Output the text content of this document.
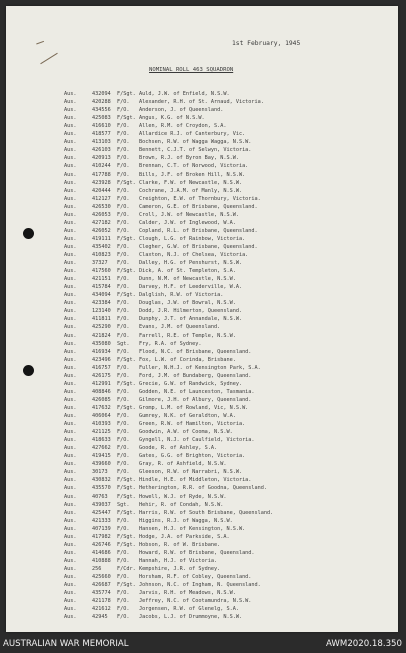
1st February, 1945
NOMINAL ROLL 463 SQUADRON
Aus.	432094 F/Sgt. Auld, J.W. of Enfield, N.S.W.
Aus.	420288 F/O. Alexander, R.H. of St. Arnaud, Victoria.
Aus.	434556 F/O. Anderson, J. of Queensland.
Aus.	425083 F/Sgt. Angus, K.G. of N.S.W.
Aus.	416610 F/O. Allen, R.M. of Croydon, S.A.
Aus.	418577 F/O. Allardice R.J. of Canterbury, Vic.
Aus.	413103 F/O. Bochsen, R.W. of Wagga Wagga, N.S.W.
Aus.	426103 F/O. Bennett, C.J.T. of Selwyn, Victoria.
Aus.	420913 F/O. Brown, R.J. of Byron Bay, N.S.W.
Aus.	410244 F/O. Brennan, C.T. of Norwood, Victoria.
Aus.	417788 F/O. Bills, J.F. of Broken Hill, N.S.W.
Aus.	423928 F/Sgt. Clarke, F.W. of Newcastle, N.S.W.
Aus.	420444 F/O. Cochrane, J.A.M. of Manly, N.S.W.
Aus.	412127 F/O. Creighton, E.W. of Thornbury, Victoria.
Aus.	426530 F/O. Cameron, G.E. of Brisbane, Queensland.
Aus.	426053 F/O. Croll, J.W. of Newcastle, N.S.W.
Aus.	427182 F/O. Calder, J.W. of Inglewood, W.A.
Aus.	426052 F/O. Copland, R.L. of Brisbane, Queensland.
Aus.	419111 F/Sgt. Clough, L.G. of Rainbow, Victoria.
Aus.	435402 F/O. Clegher, G.W. of Brisbane, Queensland.
Aus.	410823 F/O. Claxton, N.J. of Chelsea, Victoria.
Aus.	37327 F/O. Dalley, H.G. of Penshurst, N.S.W.
Aus.	417560 F/Sgt. Dick, A. of St. Templeton, S.A.
Aus.	421151 F/O. Dunn, N.M. of Newcastle, N.S.W.
Aus.	415784 F/O. Darvey, H.F. of Leederville, W.A.
Aus.	434094 F/Sgt. Dalglish, R.W. of Victoria.
Aus.	423384 F/O. Douglas, J.W. of Bowral, N.S.W.
Aus.	123140 F/O. Dodd, J.R. Hilmerton, Queensland.
Aus.	411811 F/O. Dunphy, J.T. of Annandale, N.S.W.
Aus.	425290 F/O. Evans, J.M. of Queensland.
Aus.	421824 F/O. Farrell, R.E. of Temple, N.S.W.
Aus.	435080 Sgt. Fry, R.A. of Sydney.
Aus.	416934 F/O. Flood, N.C. of Brisbane, Queensland.
Aus.	423496 F/Sgt. Fox, L.W. of Corinda, Brisbane.
Aus.	416757 F/O. Fuller, N.H.J. of Kensington Park, S.A.
Aus.	426175 F/O. Ford, J.M. of Bundaberg, Queensland.
Aus.	412991 F/Sgt. Grecie, G.W. of Randwick, Sydney.
Aus.	408846 F/O. Godden, N.E. of Launceston, Tasmania.
Aus.	426085 F/O. Gilmore, J.H. of Albury, Queensland.
Aus.	417632 F/Sgt. Gromp, L.M. of Rowland, Vic, N.S.W.
Aus.	406064 F/O. Gumrey, N.K. of Geraldton, W.A.
Aus.	410393 F/O. Green, R.W. of Hamilton, Victoria.
Aus.	421125 F/O. Goodwin, A.W. of Cooma, N.S.W.
Aus.	418633 F/O. Gyngell, N.J. of Caulfield, Victoria.
Aus.	427662 F/O. Goode, R. of Ashley, S.A.
Aus.	419415 F/O. Gates, G.G. of Brighton, Victoria.
Aus.	439660 F/O. Gray, R. of Ashfield, N.S.W.
Aus.	30173 F/O. Gleeson, R.W. of Narrabri, N.S.W.
Aus.	430832 F/Sgt. Hindle, H.E. of Middleton, Victoria.
Aus.	435570 F/Sgt. Hetherington, R.R. of Goodna, Queensland.
Aus.	40763 F/Sgt. Howell, W.J. of Ryde, N.S.W.
Aus.	439037 Sgt. Hehir, R. of Condah, N.S.W.
Aus.	425447 F/Sgt. Harris, R.W. of South Brisbane, Queensland.
Aus.	421333 F/O. Higgins, R.J. of Wagga, N.S.W.
Aus.	407139 F/O. Hansen, H.J. of Kensington, N.S.W.
Aus.	417982 F/Sgt. Hodge, J.A. of Parkside, S.A.
Aus.	426746 F/Sgt. Hobson, R. of W. Brisbane.
Aus.	414686 F/O. Howard, R.W. of Brisbane, Queensland.
Aus.	410888 F/O. Hannah, H.J. of Victoria.
Aus.	256	F/Cdr. Kempshire, J.R. of Sydney.
Aus.	425660 F/O. Horsham, R.F. of Cobley, Queensland.
Aus.	426687 F/Sgt. Johnson, N.C. of Ingham, N. Queensland.
Aus.	435774 F/O. Jarvis, R.H. of Meadows, N.S.W.
Aus.	421178 F/O. Jeffrey, N.C. of Cootamundra, N.S.W.
Aus.	421612 F/O. Jorgensen, R.W. of Glenelg, S.A.
Aus.	42945 F/O. Jacobs, L.J. of Drummoyne, N.S.W.
AUSTRALIAN WAR MEMORIAL	AWM2020.18.350
